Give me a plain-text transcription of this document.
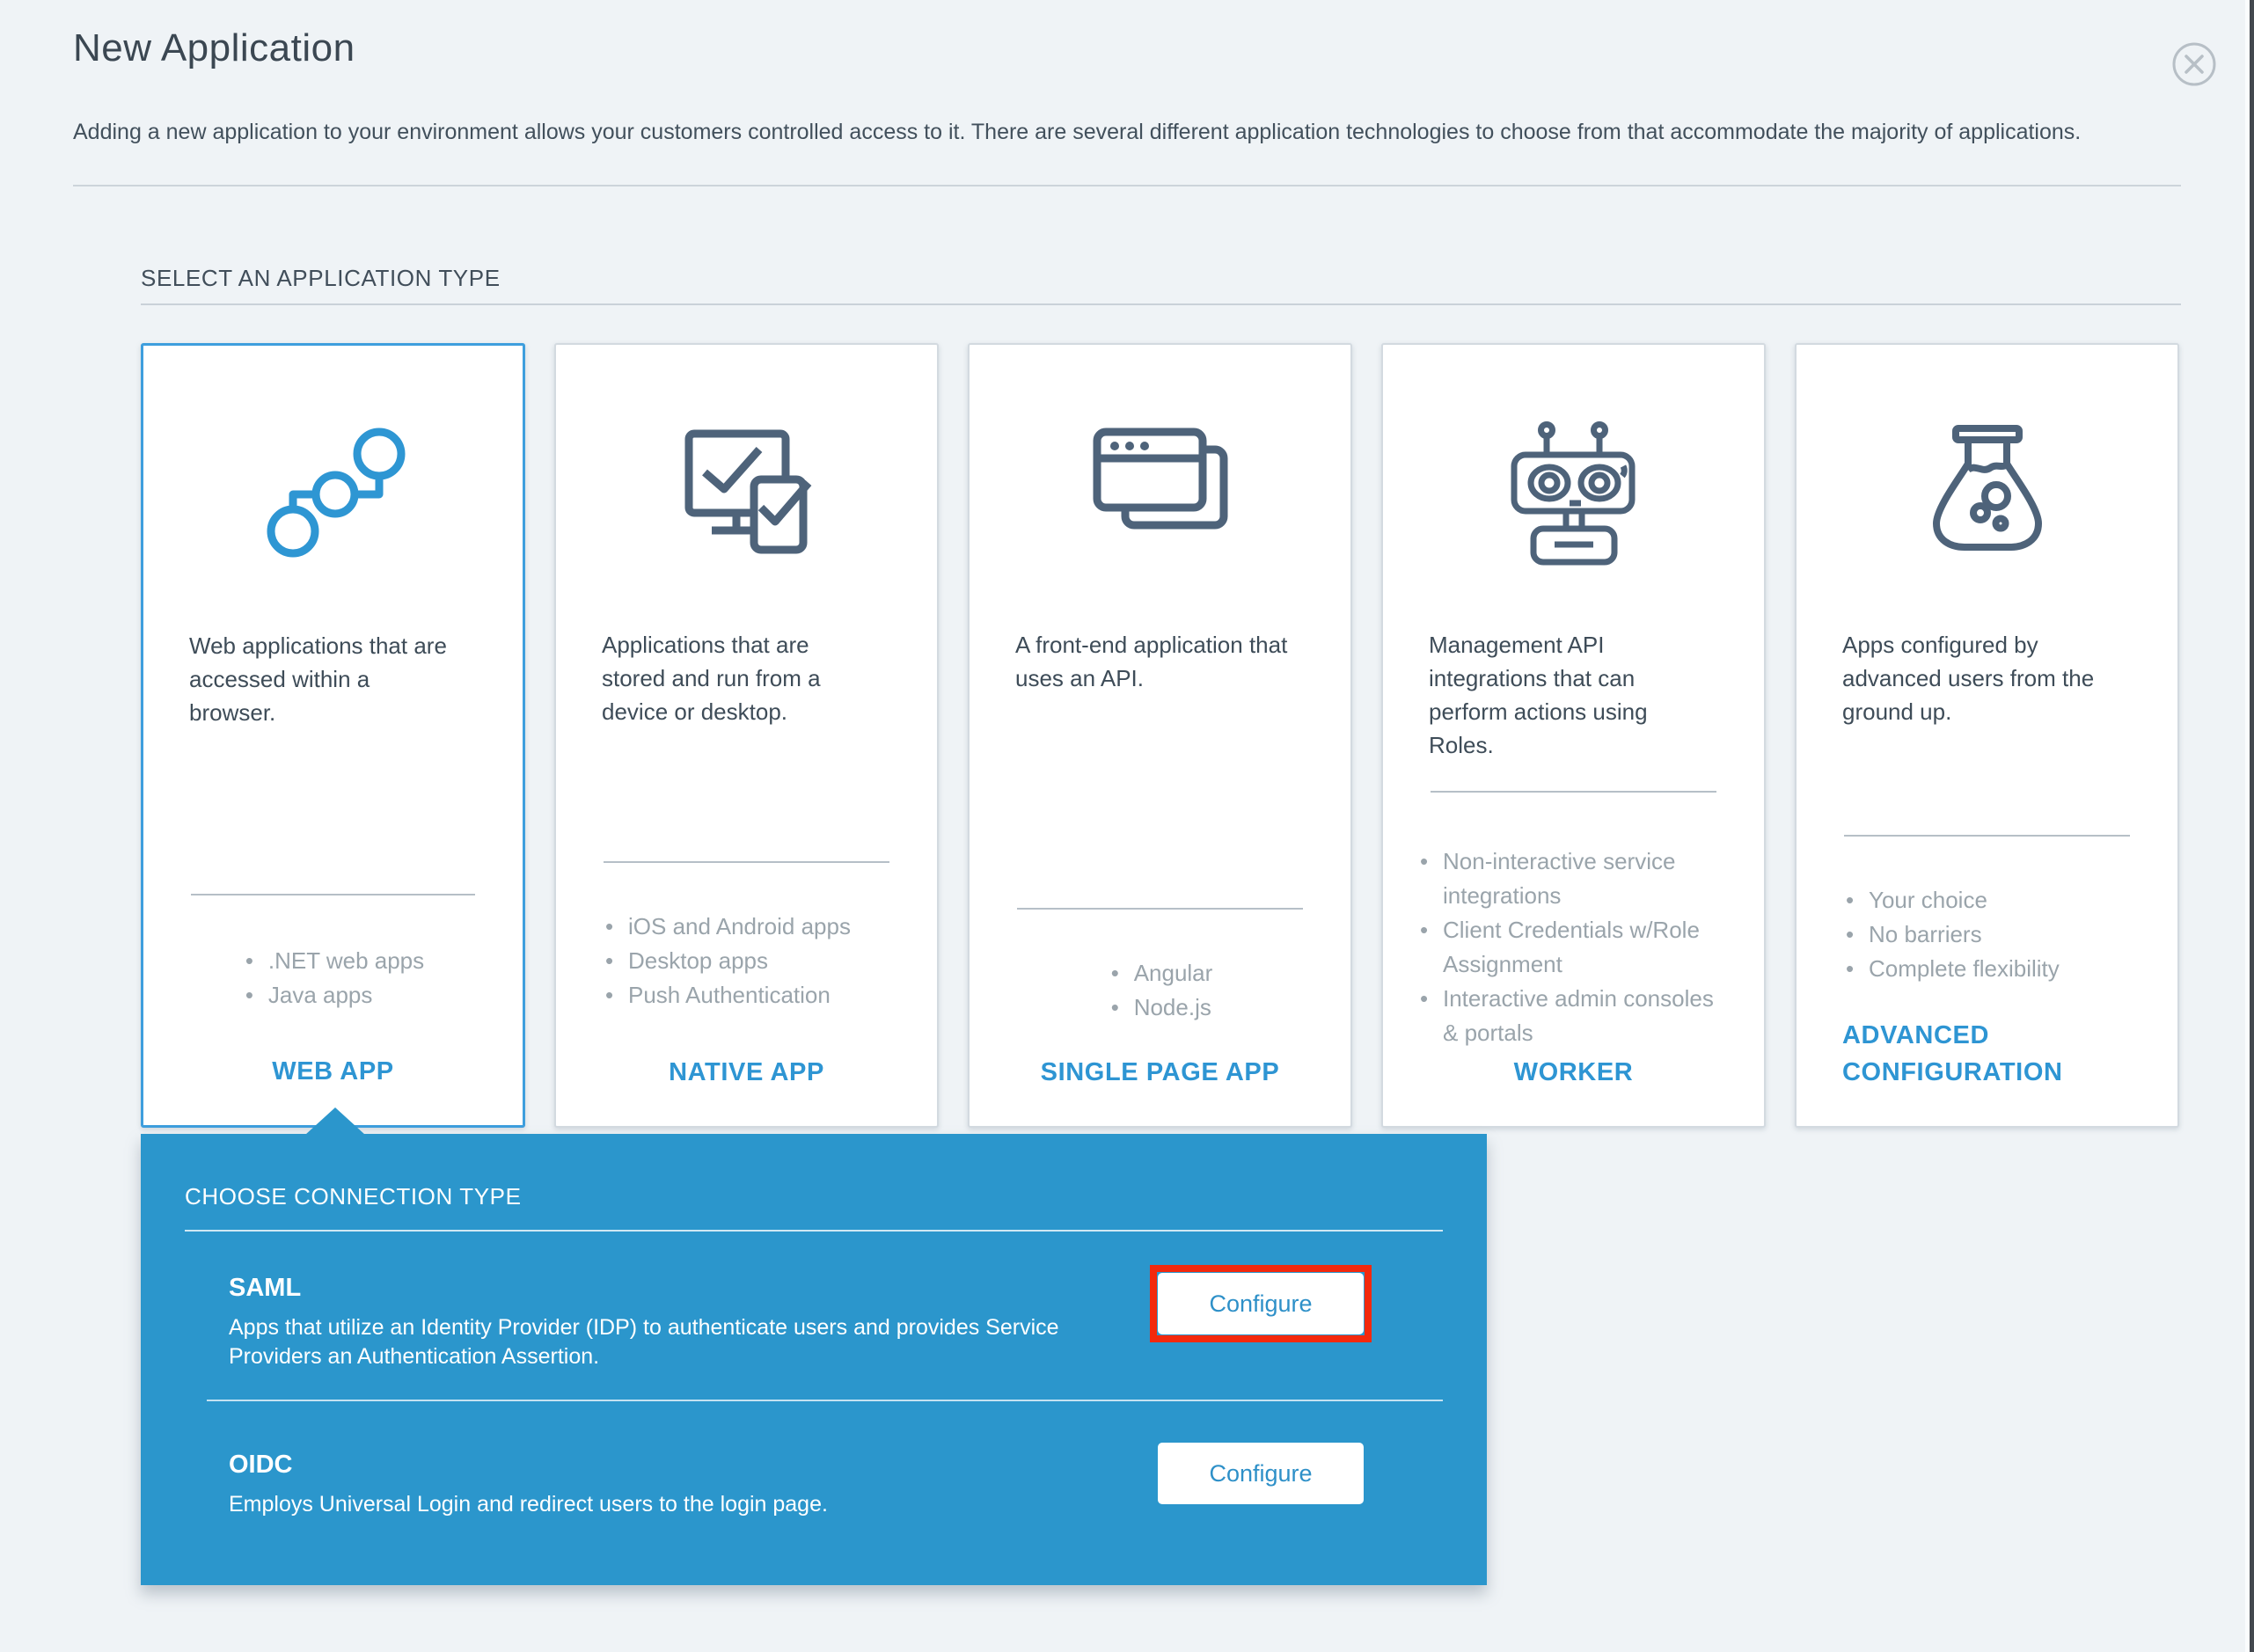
New Application

Adding a new application to your environment allows your customers controlled access to it. There are several different application technologies to choose from that accommodate the majority of applications.

SELECT AN APPLICATION TYPE

Web applications that are accessed within a browser.

• .NET web apps
• Java apps
WEB APP

Applications that are stored and run from a device or desktop.

• iOS and Android apps
• Desktop apps
• Push Authentication
NATIVE APP

A front-end application that uses an API.

• Angular
• Node.js
SINGLE PAGE APP

Management API integrations that can perform actions using Roles.

• Non-interactive service integrations
• Client Credentials w/Role Assignment
• Interactive admin consoles & portals
WORKER

Apps configured by advanced users from the ground up.

• Your choice
• No barriers
• Complete flexibility
ADVANCED CONFIGURATION
CHOOSE CONNECTION TYPE
SAML

Apps that utilize an Identity Provider (IDP) to authenticate users and provides Service Providers an Authentication Assertion.

Configure
OIDC

Employs Universal Login and redirect users to the login page.

Configure
